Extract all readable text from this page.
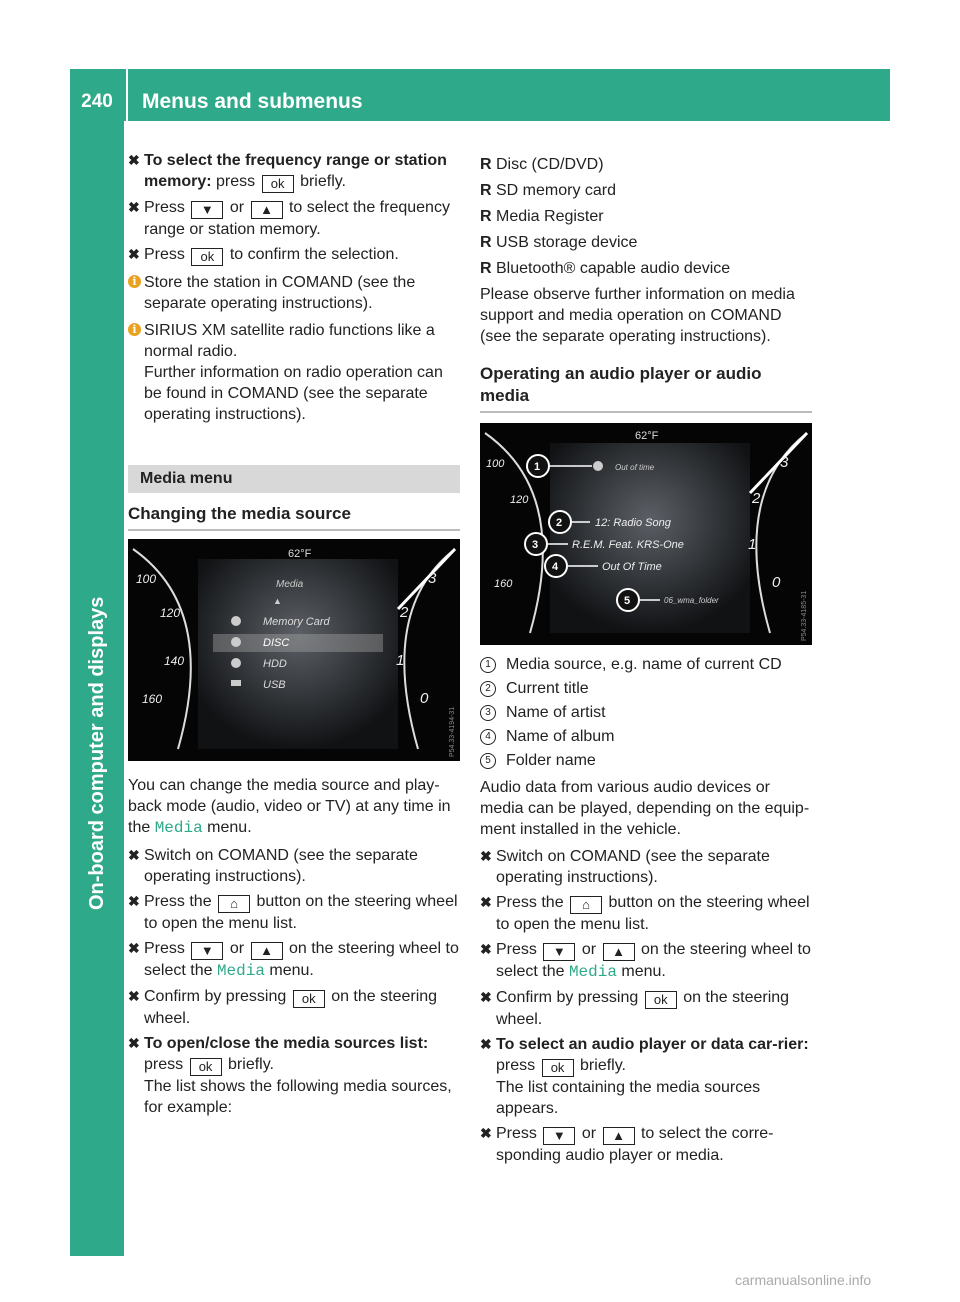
240	Menus and submenus
On-board computer and displays
✖ To select the frequency range or station memory: press ok briefly.
✖ Press ▼ or ▲ to select the frequency range or station memory.
✖ Press ok to confirm the selection.
i Store the station in COMAND (see the separate operating instructions).
i SIRIUS XM satellite radio functions like a normal radio.

Further information on radio operation can be found in COMAND (see the separate operating instructions).

Media menu
Changing the media source
62°F
Media
▲
Memory Card
DISC
HDD
USB
100
120
140
160
3
2
1
0
P54.33-4194-31

You can change the media source and play-back mode (audio, video or TV) at any time in the Media menu.

✖ Switch on COMAND (see the separate operating instructions).
✖ Press the ⌂ button on the steering wheel to open the menu list.
✖ Press ▼ or ▲ on the steering wheel to select the Media menu.
✖ Confirm by pressing ok on the steering wheel.
✖ To open/close the media sources list:
press ok briefly.
The list shows the following media sources, for example:
R Disc (CD/DVD)
R SD memory card
R Media Register
R USB storage device
R Bluetooth® capable audio device

Please observe further information on media support and media operation on COMAND (see the separate operating instructions).

Operating an audio player or audio media
62°F
1
2
3
4
5
Out of time
12: Radio Song
R.E.M. Feat. KRS-One
Out Of Time
06_wma_folder
100
120
160
3
2
1
0
P54.33-4185-31
1 Media source, e.g. name of current CD
2 Current title
3 Name of artist
4 Name of album
5 Folder name

Audio data from various audio devices or media can be played, depending on the equip-ment installed in the vehicle.

✖ Switch on COMAND (see the separate operating instructions).
✖ Press the ⌂ button on the steering wheel to open the menu list.
✖ Press ▼ or ▲ on the steering wheel to select the Media menu.
✖ Confirm by pressing ok on the steering wheel.
✖ To select an audio player or data car-rier: press ok briefly.
The list containing the media sources appears.
✖ Press ▼ or ▲ to select the corre-sponding audio player or media.
carmanualsonline.info
